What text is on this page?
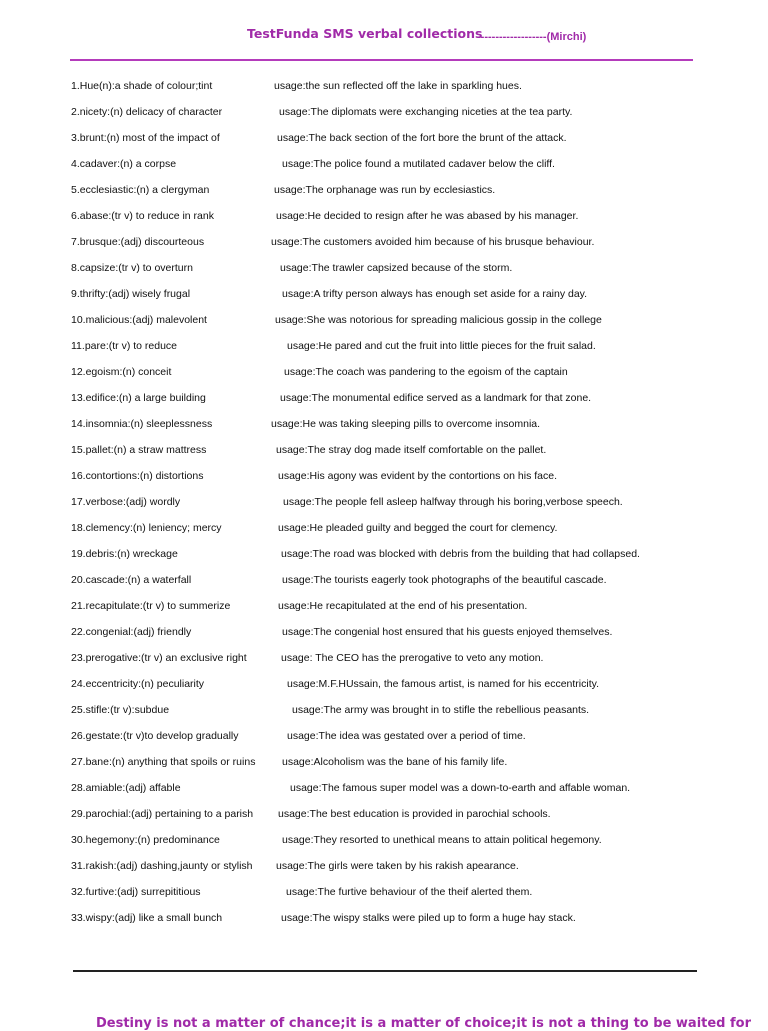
TestFunda SMS verbal collections
-------------------(Mirchi)
1.Hue(n):a shade of colour;tint	usage:the sun reflected off the lake in sparkling hues.
2.nicety:(n) delicacy of character	usage:The diplomats were exchanging niceties at the tea party.
3.brunt:(n) most of the impact of	usage:The back section of the fort bore the brunt of the attack.
4.cadaver:(n) a corpse	usage:The police found a mutilated cadaver below the cliff.
5.ecclesiastic:(n) a clergyman	usage:The orphanage was run by ecclesiastics.
6.abase:(tr v) to reduce in rank	usage:He decided to resign after he was abased by his manager.
7.brusque:(adj) discourteous	usage:The customers avoided him because of his brusque behaviour.
8.capsize:(tr v) to overturn	usage:The trawler capsized because of the storm.
9.thrifty:(adj) wisely frugal	usage:A trifty person always has enough set aside for a rainy day.
10.malicious:(adj) malevolent	usage:She was notorious for spreading malicious gossip in the college
11.pare:(tr v) to reduce	usage:He pared and cut the fruit into little pieces for the fruit salad.
12.egoism:(n) conceit	usage:The coach was pandering to the egoism of the captain
13.edifice:(n) a large building	usage:The monumental edifice served as a landmark for that zone.
14.insomnia:(n) sleeplessness	usage:He was taking sleeping pills to overcome insomnia.
15.pallet:(n) a straw mattress	usage:The stray dog made itself comfortable on the pallet.
16.contortions:(n) distortions	usage:His agony was evident by the contortions on his face.
17.verbose:(adj) wordly	usage:The people fell asleep halfway through his boring,verbose speech.
18.clemency:(n) leniency; mercy	usage:He pleaded guilty and begged the court for clemency.
19.debris:(n) wreckage	usage:The road was blocked with debris from the building that had collapsed.
20.cascade:(n) a waterfall	usage:The tourists eagerly took photographs of the beautiful cascade.
21.recapitulate:(tr v) to summerize	usage:He recapitulated at the end of his presentation.
22.congenial:(adj) friendly	usage:The congenial host ensured that his guests enjoyed themselves.
23.prerogative:(tr v) an exclusive right	usage: The CEO has the prerogative to veto any motion.
24.eccentricity:(n) peculiarity	usage:M.F.HUssain, the famous artist, is named for his eccentricity.
25.stifle:(tr v):subdue	usage:The army was brought in to stifle the rebellious peasants.
26.gestate:(tr v)to develop gradually	usage:The idea was gestated over a period of time.
27.bane:(n) anything that spoils or ruins	usage:Alcoholism was the bane of his family life.
28.amiable:(adj) affable	usage:The famous super model was a down-to-earth and affable woman.
29.parochial:(adj) pertaining to a parish usage:The best education is provided in parochial schools.
30.hegemony:(n) predominance	usage:They resorted to unethical means to attain political hegemony.
31.rakish:(adj) dashing,jaunty or stylish usage:The girls were taken by his rakish apearance.
32.furtive:(adj) surrepititious	usage:The furtive behaviour of the theif alerted them.
33.wispy:(adj) like a small bunch	usage:The wispy stalks were piled up to form a huge hay stack.
Destiny is not a matter of chance;it is a matter of choice;it is not a thing to be waited for
